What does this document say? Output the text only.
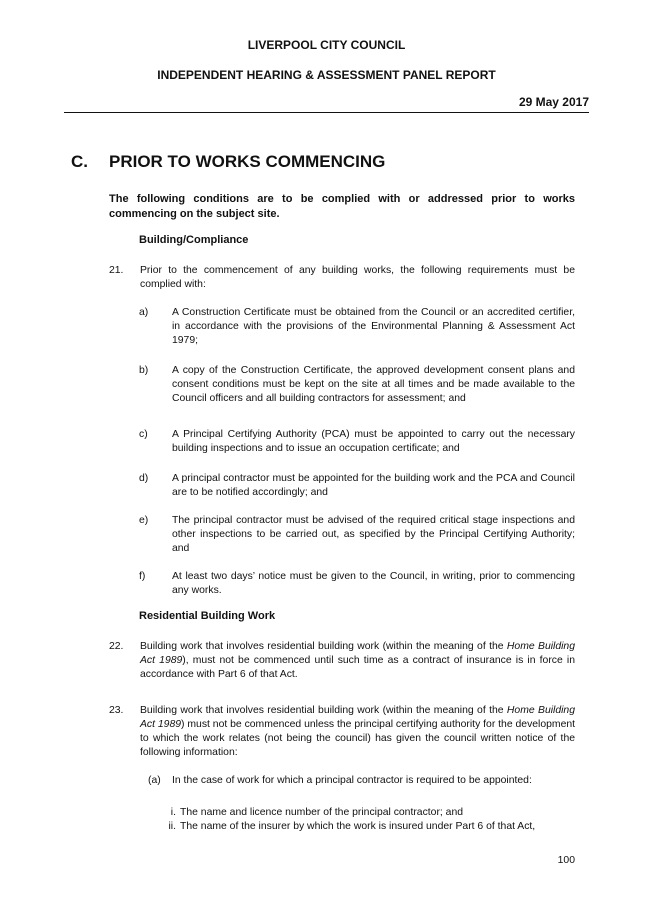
LIVERPOOL CITY COUNCIL
INDEPENDENT HEARING & ASSESSMENT PANEL REPORT
29 May 2017
C. PRIOR TO WORKS COMMENCING
The following conditions are to be complied with or addressed prior to works commencing on the subject site.
Building/Compliance
21.	Prior to the commencement of any building works, the following requirements must be complied with:
a)	A Construction Certificate must be obtained from the Council or an accredited certifier, in accordance with the provisions of the Environmental Planning & Assessment Act 1979;
b)	A copy of the Construction Certificate, the approved development consent plans and consent conditions must be kept on the site at all times and be made available to the Council officers and all building contractors for assessment; and
c)	A Principal Certifying Authority (PCA) must be appointed to carry out the necessary building inspections and to issue an occupation certificate; and
d)	A principal contractor must be appointed for the building work and the PCA and Council are to be notified accordingly; and
e)	The principal contractor must be advised of the required critical stage inspections and other inspections to be carried out, as specified by the Principal Certifying Authority; and
f)	At least two days’ notice must be given to the Council, in writing, prior to commencing any works.
Residential Building Work
22.	Building work that involves residential building work (within the meaning of the Home Building Act 1989), must not be commenced until such time as a contract of insurance is in force in accordance with Part 6 of that Act.
23.	Building work that involves residential building work (within the meaning of the Home Building Act 1989) must not be commenced unless the principal certifying authority for the development to which the work relates (not being the council) has given the council written notice of the following information:
(a)	In the case of work for which a principal contractor is required to be appointed:
i. The name and licence number of the principal contractor; and
ii. The name of the insurer by which the work is insured under Part 6 of that Act,
100
